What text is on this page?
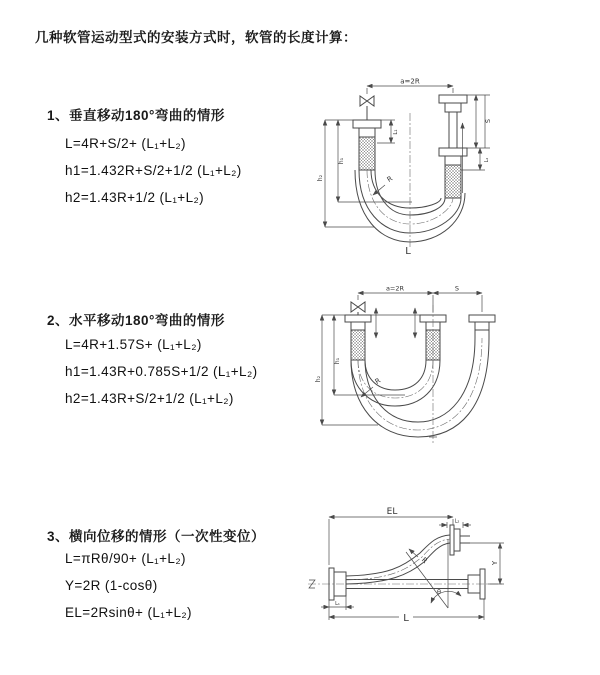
几种软管运动型式的安装方式时，软管的长度计算：
1、垂直移动180°弯曲的情形
L=4R+S/2+ (L₁+L₂)
h1=1.432R+S/2+1/2 (L₁+L₂)
h2=1.43R+1/2 (L₁+L₂)
2、水平移动180°弯曲的情形
L=4R+1.57S+ (L₁+L₂)
h1=1.43R+0.785S+1/2 (L₁+L₂)
h2=1.43R+S/2+1/2 (L₁+L₂)
3、横向位移的情形（一次性变位）
L=πRθ/90+ (L₁+L₂)
Y=2R (1-cosθ)
EL=2Rsinθ+ (L₁+L₂)
a=2R
L₁
h₁
h₂
S
L₂
R
L
a=2R	S
h₁
h₂	R
EL
L₂
Y
θ
R
L
L₁
